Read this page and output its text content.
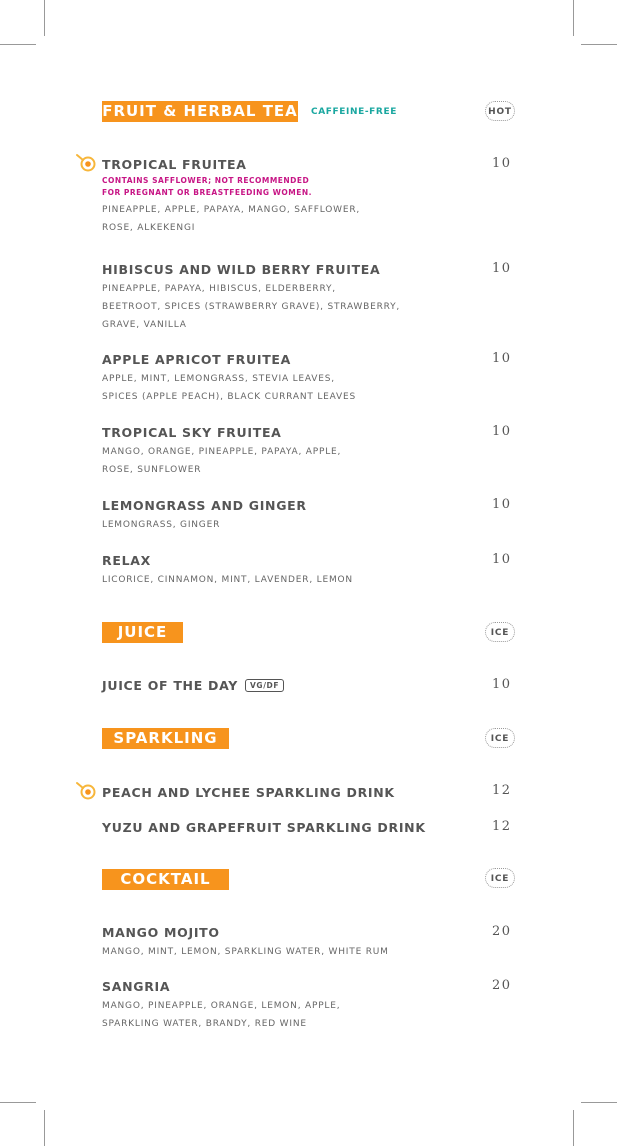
FRUIT & HERBAL TEA CAFFEINE-FREE	HOT
TROPICAL FRUITEA
CONTAINS SAFFLOWER; NOT RECOMMENDED
FOR PREGNANT OR BREASTFEEDING WOMEN.
PINEAPPLE, APPLE, PAPAYA, MANGO, SAFFLOWER,
ROSE, ALKEKENGI
10
HIBISCUS AND WILD BERRY FRUITEA
PINEAPPLE, PAPAYA, HIBISCUS, ELDERBERRY,
BEETROOT, SPICES (STRAWBERRY GRAVE), STRAWBERRY,
GRAVE, VANILLA
10
APPLE APRICOT FRUITEA
APPLE, MINT, LEMONGRASS, STEVIA LEAVES,
SPICES (APPLE PEACH), BLACK CURRANT LEAVES
10
TROPICAL SKY FRUITEA
MANGO, ORANGE, PINEAPPLE, PAPAYA, APPLE,
ROSE, SUNFLOWER
10
LEMONGRASS AND GINGER
LEMONGRASS, GINGER
10
RELAX
LICORICE, CINNAMON, MINT, LAVENDER, LEMON
10
JUICE	ICE
JUICE OF THE DAY VG/DF	10
SPARKLING	ICE
PEACH AND LYCHEE SPARKLING DRINK	12
YUZU AND GRAPEFRUIT SPARKLING DRINK	12
COCKTAIL	ICE
MANGO MOJITO
MANGO, MINT, LEMON, SPARKLING WATER, WHITE RUM
20
SANGRIA
MANGO, PINEAPPLE, ORANGE, LEMON, APPLE,
SPARKLING WATER, BRANDY, RED WINE
20
